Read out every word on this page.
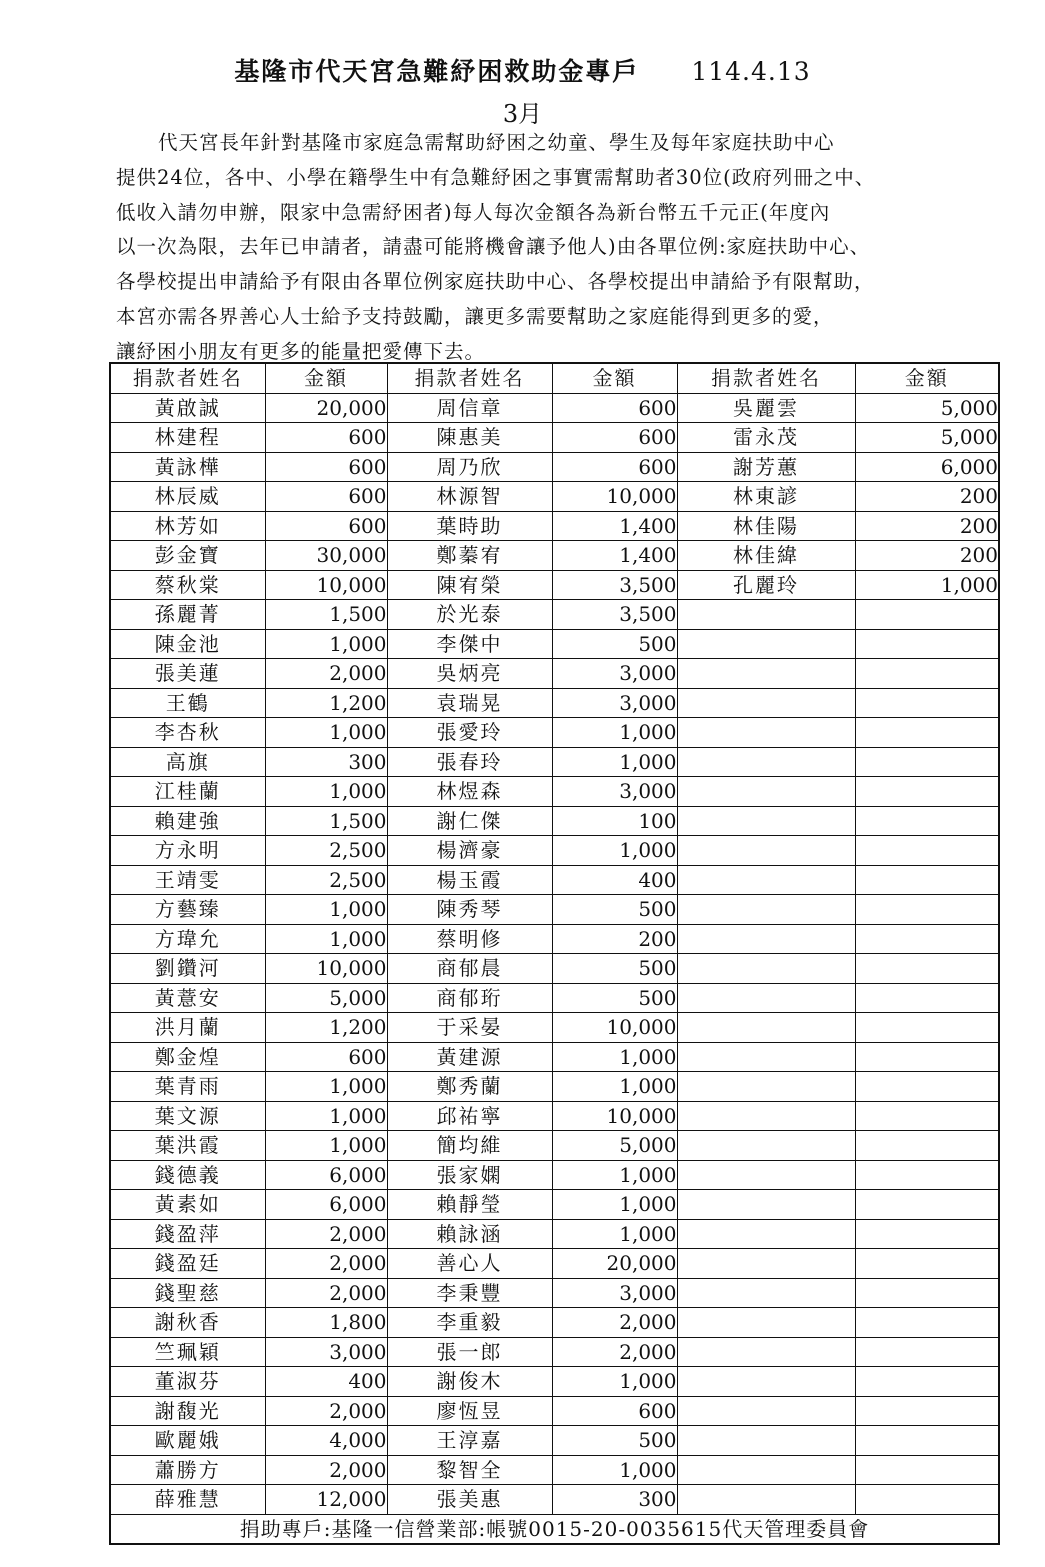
基隆市代天宮急難紓困救助金專戶 114.4.13
3月
代天宮長年針對基隆市家庭急需幫助紓困之幼童、學生及每年家庭扶助中心
提供24位，各中、小學在籍學生中有急難紓困之事實需幫助者30位(政府列冊之中、
低收入請勿申辦，限家中急需紓困者)每人每次金額各為新台幣五千元正(年度內
以一次為限，去年已申請者，請盡可能將機會讓予他人)由各單位例:家庭扶助中心、
各學校提出申請給予有限由各單位例家庭扶助中心、各學校提出申請給予有限幫助，
本宮亦需各界善心人士給予支持鼓勵，讓更多需要幫助之家庭能得到更多的愛，
讓紓困小朋友有更多的能量把愛傳下去。
捐款者姓名	金額	捐款者姓名	金額	捐款者姓名	金額
黃啟誠	20,000	周信章	600	吳麗雲	5,000
林建程	600	陳惠美	600	雷永茂	5,000
黃詠樺	600	周乃欣	600	謝芳蕙	6,000
林辰威	600	林源智	10,000	林東諺	200
林芳如	600	葉時助	1,400	林佳陽	200
彭金寶	30,000	鄭蓁宥	1,400	林佳緯	200
蔡秋棠	10,000	陳宥榮	3,500	孔麗玲	1,000
孫麗菁	1,500	於光泰	3,500		
陳金池	1,000	李傑中	500		
張美蓮	2,000	吳炳亮	3,000		
王鶴	1,200	袁瑞晃	3,000		
李杏秋	1,000	張愛玲	1,000		
高旗	300	張春玲	1,000		
江桂蘭	1,000	林煜森	3,000		
賴建強	1,500	謝仁傑	100		
方永明	2,500	楊濟豪	1,000		
王靖雯	2,500	楊玉霞	400		
方藝臻	1,000	陳秀琴	500		
方瑋允	1,000	蔡明修	200		
劉鑽河	10,000	商郁晨	500		
黃薏安	5,000	商郁珩	500		
洪月蘭	1,200	于采晏	10,000		
鄭金煌	600	黃建源	1,000		
葉青雨	1,000	鄭秀蘭	1,000		
葉文源	1,000	邱祐寧	10,000		
葉洪霞	1,000	簡均維	5,000		
錢德義	6,000	張家嫻	1,000		
黃素如	6,000	賴靜瑩	1,000		
錢盈萍	2,000	賴詠涵	1,000		
錢盈廷	2,000	善心人	20,000		
錢聖慈	2,000	李秉豐	3,000		
謝秋香	1,800	李重毅	2,000		
竺珮穎	3,000	張一郎	2,000		
董淑芬	400	謝俊木	1,000		
謝馥光	2,000	廖恆昱	600		
歐麗娥	4,000	王淳嘉	500		
蕭勝方	2,000	黎智全	1,000		
薛雅慧	12,000	張美惠	300		
捐助專戶:基隆一信營業部:帳號0015-20-0035615代天管理委員會					
